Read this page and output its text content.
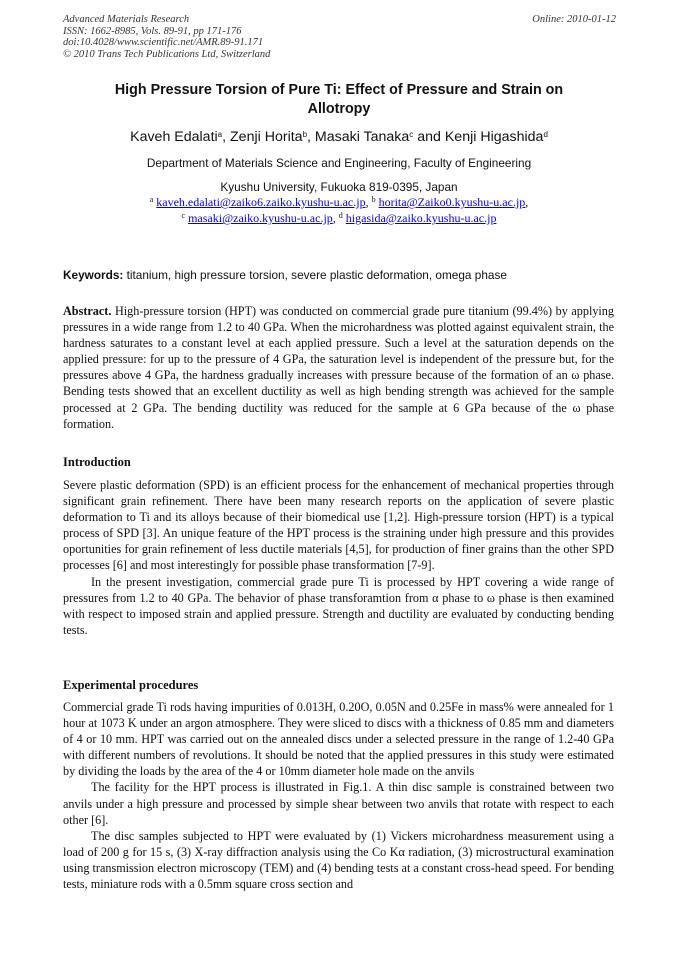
Advanced Materials Research
ISSN: 1662-8985, Vols. 89-91, pp 171-176
doi:10.4028/www.scientific.net/AMR.89-91.171
© 2010 Trans Tech Publications Ltd, Switzerland
Online: 2010-01-12
High Pressure Torsion of Pure Ti: Effect of Pressure and Strain on
Allotropy
Kaveh Edalati$^a$, Zenji Horita$^b$, Masaki Tanaka$^c$ and Kenji Higashida$^d$
Department of Materials Science and Engineering, Faculty of Engineering
Kyushu University, Fukuoka 819-0395, Japan
$^a$ kaveh.edalati@zaiko6.zaiko.kyushu-u.ac.jp, $^b$ horita@Zaiko0.kyushu-u.ac.jp,
$^c$ masaki@zaiko.kyushu-u.ac.jp, $^d$ higasida@zaiko.kyushu-u.ac.jp
Keywords: titanium, high pressure torsion, severe plastic deformation, omega phase

Abstract. High-pressure torsion (HPT) was conducted on commercial grade pure titanium (99.4%) by applying pressures in a wide range from 1.2 to 40 GPa. When the microhardness was plotted against equivalent strain, the hardness saturates to a constant level at each applied pressure. Such a level at the saturation depends on the applied pressure: for up to the pressure of 4 GPa, the saturation level is independent of the pressure but, for the pressures above 4 GPa, the hardness gradually increases with pressure because of the formation of an ω phase. Bending tests showed that an excellent ductility as well as high bending strength was achieved for the sample processed at 2 GPa. The bending ductility was reduced for the sample at 6 GPa because of the ω phase formation.

Introduction

Severe plastic deformation (SPD) is an efficient process for the enhancement of mechanical properties through significant grain refinement. There have been many research reports on the application of severe plastic deformation to Ti and its alloys because of their biomedical use [1,2]. High-pressure torsion (HPT) is a typical process of SPD [3]. An unique feature of the HPT process is the straining under high pressure and this provides oportunities for grain refinement of less ductile materials [4,5], for production of finer grains than the other SPD processes [6] and most interestingly for possible phase transformation [7-9].

In the present investigation, commercial grade pure Ti is processed by HPT covering a wide range of pressures from 1.2 to 40 GPa. The behavior of phase transforamtion from α phase to ω phase is then examined with respect to imposed strain and applied pressure. Strength and ductility are evaluated by conducting bending tests.

Experimental procedures

Commercial grade Ti rods having impurities of 0.013H, 0.20O, 0.05N and 0.25Fe in mass% were annealed for 1 hour at 1073 K under an argon atmosphere. They were sliced to discs with a thickness of 0.85 mm and diameters of 4 or 10 mm. HPT was carried out on the annealed discs under a selected pressure in the range of 1.2-40 GPa with different numbers of revolutions. It should be noted that the applied pressures in this study were estimated by dividing the loads by the area of the 4 or 10mm diameter hole made on the anvils

The facility for the HPT process is illustrated in Fig.1. A thin disc sample is constrained between two anvils under a high pressure and processed by simple shear between two anvils that rotate with respect to each other [6].

The disc samples subjected to HPT were evaluated by (1) Vickers microhardness measurement using a load of 200 g for 15 s, (3) X-ray diffraction analysis using the Co Kα radiation, (3) microstructural examination using transmission electron microscopy (TEM) and (4) bending tests at a constant cross-head speed. For bending tests, miniature rods with a 0.5mm square cross section and
